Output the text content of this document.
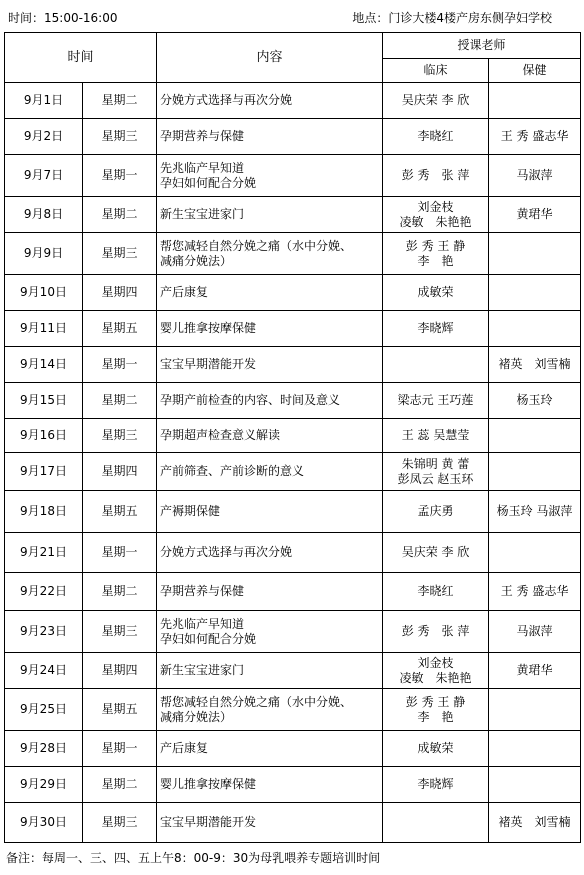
时间：15:00-16:00	地点：门诊大楼4楼产房东侧孕妇学校
时间		内容	授课老师	
			临床	保健
9月1日	星期二	分娩方式选择与再次分娩	吴庆荣 李 欣	

9月2日	星期三	孕期营养与保健	李晓红	王 秀 盛志华

9月7日	星期一	先兆临产早知道
孕妇如何配合分娩	彭 秀　张 萍	马淑萍

9月8日	星期二	新生宝宝进家门	刘金枝
凌敏　朱艳艳	黄珺华

9月9日	星期三	帮您减轻自然分娩之痛（水中分娩、
减痛分娩法）	彭 秀 王 静
李　艳	

9月10日	星期四	产后康复	成敏荣	

9月11日	星期五	婴儿推拿按摩保健	李晓辉	

9月14日	星期一	宝宝早期潜能开发		褚英　刘雪楠

9月15日	星期二	孕期产前检查的内容、时间及意义	梁志元 王巧莲	杨玉玲

9月16日	星期三	孕期超声检查意义解读	王 蕊 吴慧莹	

9月17日	星期四	产前筛查、产前诊断的意义	朱锦明 黄 蕾
彭凤云 赵玉环	

9月18日	星期五	产褥期保健	孟庆勇	杨玉玲 马淑萍

9月21日	星期一	分娩方式选择与再次分娩	吴庆荣 李 欣	

9月22日	星期二	孕期营养与保健	李晓红	王 秀 盛志华

9月23日	星期三	先兆临产早知道
孕妇如何配合分娩	彭 秀　张 萍	马淑萍

9月24日	星期四	新生宝宝进家门	刘金枝
凌敏　朱艳艳	黄珺华

9月25日	星期五	帮您减轻自然分娩之痛（水中分娩、
减痛分娩法）	彭 秀 王 静
李　艳	

9月28日	星期一	产后康复	成敏荣	

9月29日	星期二	婴儿推拿按摩保健	李晓辉	

9月30日	星期三	宝宝早期潜能开发		褚英　刘雪楠
备注：每周一、三、四、五上午8：00-9：30为母乳喂养专题培训时间
